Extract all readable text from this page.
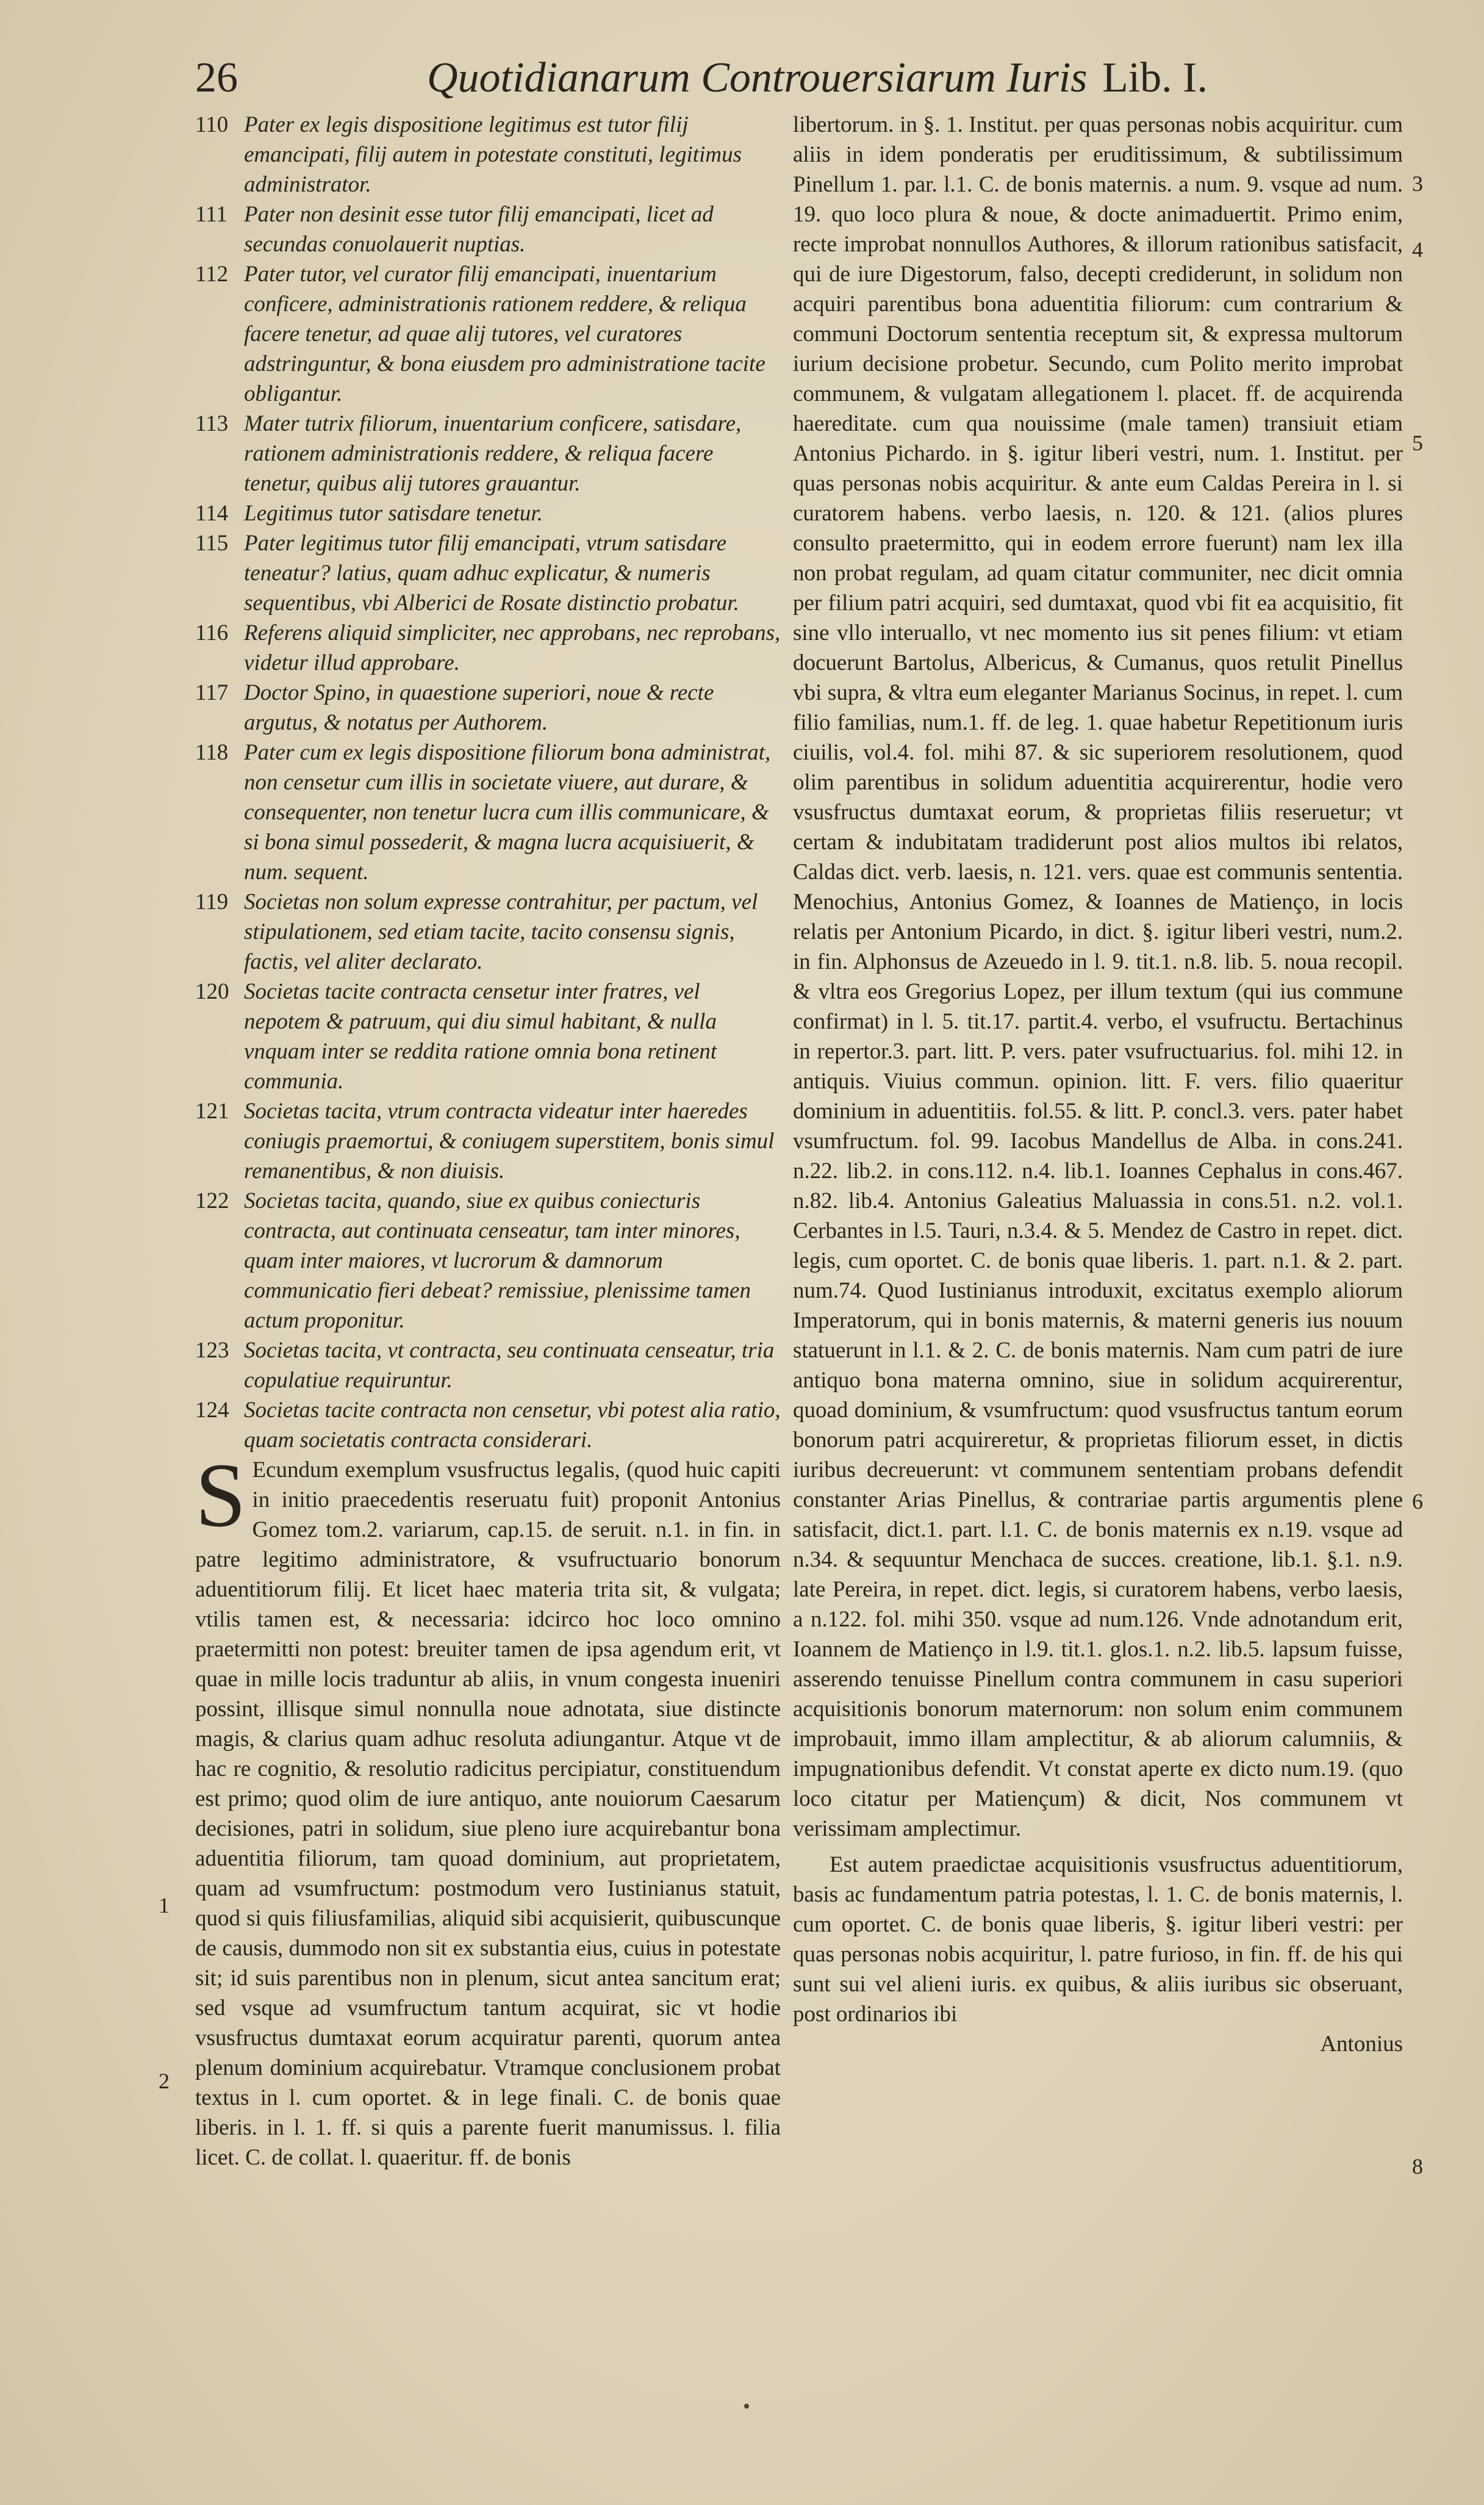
26	Quotidianarum Controuersiarum Iuris Lib. I.

110 Pater ex legis dispositione legitimus est tutor filij emancipati, filij autem in potestate constituti, legitimus administrator.

111 Pater non desinit esse tutor filij emancipati, licet ad secundas conuolauerit nuptias.

112 Pater tutor, vel curator filij emancipati, inuentarium conficere, administrationis rationem reddere, & reliqua facere tenetur, ad quae alij tutores, vel curatores adstringuntur, & bona eiusdem pro administratione tacite obligantur.

113 Mater tutrix filiorum, inuentarium conficere, satisdare, rationem administrationis reddere, & reliqua facere tenetur, quibus alij tutores grauantur.

114 Legitimus tutor satisdare tenetur.

115 Pater legitimus tutor filij emancipati, vtrum satisdare teneatur? latius, quam adhuc explicatur, & numeris sequentibus, vbi Alberici de Rosate distinctio probatur.

116 Referens aliquid simpliciter, nec approbans, nec reprobans, videtur illud approbare.

117 Doctor Spino, in quaestione superiori, noue & recte argutus, & notatus per Authorem.

118 Pater cum ex legis dispositione filiorum bona administrat, non censetur cum illis in societate viuere, aut durare, & consequenter, non tenetur lucra cum illis communicare, & si bona simul possederit, & magna lucra acquisiuerit, & num. sequent.

119 Societas non solum expresse contrahitur, per pactum, vel stipulationem, sed etiam tacite, tacito consensu signis, factis, vel aliter declarato.

120 Societas tacite contracta censetur inter fratres, vel nepotem & patruum, qui diu simul habitant, & nulla vnquam inter se reddita ratione omnia bona retinent communia.

121 Societas tacita, vtrum contracta videatur inter haeredes coniugis praemortui, & coniugem superstitem, bonis simul remanentibus, & non diuisis.

122 Societas tacita, quando, siue ex quibus coniecturis contracta, aut continuata censeatur, tam inter minores, quam inter maiores, vt lucrorum & damnorum communicatio fieri debeat? remissiue, plenissime tamen actum proponitur.

123 Societas tacita, vt contracta, seu continuata censeatur, tria copulatiue requiruntur.

124 Societas tacite contracta non censetur, vbi potest alia ratio, quam societatis contracta considerari.

S Ecundum exemplum vsusfructus legalis, (quod huic capiti in initio praecedentis reseruatu fuit) proponit Antonius Gomez tom.2. variarum, cap.15. de seruit. n.1. in fin. in patre legitimo administratore, & vsufructuario bonorum aduentitiorum filij. Et licet haec materia trita sit, & vulgata; vtilis tamen est, & necessaria: idcirco hoc loco omnino praetermitti non potest: breuiter tamen de ipsa agendum erit, vt quae in mille locis traduntur ab aliis, in vnum congesta inueniri possint, illisque simul nonnulla noue adnotata, siue distincte magis, & clarius quam adhuc resoluta adiungantur. Atque vt de hac re cognitio, & resolutio radicitus percipiatur, constituendum est primo; quod olim de iure antiquo, ante nouiorum Caesarum decisiones, patri in solidum, siue pleno iure acquirebantur bona aduentitia filiorum, tam quoad dominium, aut proprietatem, quam ad vsumfructum: postmodum vero Iustinianus statuit, quod si quis filiusfamilias, aliquid sibi acquisierit, quibuscunque de causis, dummodo non sit ex substantia eius, cuius in potestate sit; id suis parentibus non in plenum, sicut antea sancitum erat; sed vsque ad vsumfructum tantum acquirat, sic vt hodie vsusfructus dumtaxat eorum acquiratur parenti, quorum antea plenum dominium acquirebatur. Vtramque conclusionem probat textus in l. cum oportet. & in lege finali. C. de bonis quae liberis. in l. 1. ff. si quis a parente fuerit manumissus. l. filia licet. C. de collat. l. quaeritur. ff. de bonis

libertorum. in §. 1. Institut. per quas personas nobis acquiritur. cum aliis in idem ponderatis per eruditissimum, & subtilissimum Pinellum 1. par. l.1. C. de bonis maternis. a num. 9. vsque ad num. 19. quo loco plura & noue, & docte animaduertit. Primo enim, recte improbat nonnullos Authores, & illorum rationibus satisfacit, qui de iure Digestorum, falso, decepti crediderunt, in solidum non acquiri parentibus bona aduentitia filiorum: cum contrarium & communi Doctorum sententia receptum sit, & expressa multorum iurium decisione probetur. Secundo, cum Polito merito improbat communem, & vulgatam allegationem l. placet. ff. de acquirenda haereditate. cum qua nouissime (male tamen) transiuit etiam Antonius Pichardo. in §. igitur liberi vestri, num. 1. Institut. per quas personas nobis acquiritur. & ante eum Caldas Pereira in l. si curatorem habens. verbo laesis, n. 120. & 121. (alios plures consulto praetermitto, qui in eodem errore fuerunt) nam lex illa non probat regulam, ad quam citatur communiter, nec dicit omnia per filium patri acquiri, sed dumtaxat, quod vbi fit ea acquisitio, fit sine vllo interuallo, vt nec momento ius sit penes filium: vt etiam docuerunt Bartolus, Albericus, & Cumanus, quos retulit Pinellus vbi supra, & vltra eum eleganter Marianus Socinus, in repet. l. cum filio familias, num.1. ff. de leg. 1. quae habetur Repetitionum iuris ciuilis, vol.4. fol. mihi 87. & sic superiorem resolutionem, quod olim parentibus in solidum aduentitia acquirerentur, hodie vero vsusfructus dumtaxat eorum, & proprietas filiis reseruetur; vt certam & indubitatam tradiderunt post alios multos ibi relatos, Caldas dict. verb. laesis, n. 121. vers. quae est communis sententia. Menochius, Antonius Gomez, & Ioannes de Matienço, in locis relatis per Antonium Picardo, in dict. §. igitur liberi vestri, num.2. in fin. Alphonsus de Azeuedo in l. 9. tit.1. n.8. lib. 5. noua recopil. & vltra eos Gregorius Lopez, per illum textum (qui ius commune confirmat) in l. 5. tit.17. partit.4. verbo, el vsufructu. Bertachinus in repertor.3. part. litt. P. vers. pater vsufructuarius. fol. mihi 12. in antiquis. Viuius commun. opinion. litt. F. vers. filio quaeritur dominium in aduentitiis. fol.55. & litt. P. concl.3. vers. pater habet vsumfructum. fol. 99. Iacobus Mandellus de Alba. in cons.241. n.22. lib.2. in cons.112. n.4. lib.1. Ioannes Cephalus in cons.467. n.82. lib.4. Antonius Galeatius Maluassia in cons.51. n.2. vol.1. Cerbantes in l.5. Tauri, n.3.4. & 5. Mendez de Castro in repet. dict. legis, cum oportet. C. de bonis quae liberis. 1. part. n.1. & 2. part. num.74. Quod Iustinianus introduxit, excitatus exemplo aliorum Imperatorum, qui in bonis maternis, & materni generis ius nouum statuerunt in l.1. & 2. C. de bonis maternis. Nam cum patri de iure antiquo bona materna omnino, siue in solidum acquirerentur, quoad dominium, & vsumfructum: quod vsusfructus tantum eorum bonorum patri acquireretur, & proprietas filiorum esset, in dictis iuribus decreuerunt: vt communem sententiam probans defendit constanter Arias Pinellus, & contrariae partis argumentis plene satisfacit, dict.1. part. l.1. C. de bonis maternis ex n.19. vsque ad n.34. & sequuntur Menchaca de succes. creatione, lib.1. §.1. n.9. late Pereira, in repet. dict. legis, si curatorem habens, verbo laesis, a n.122. fol. mihi 350. vsque ad num.126. Vnde adnotandum erit, Ioannem de Matienço in l.9. tit.1. glos.1. n.2. lib.5. lapsum fuisse, asserendo tenuisse Pinellum contra communem in casu superiori acquisitionis bonorum maternorum: non solum enim communem improbauit, immo illam amplectitur, & ab aliorum calumniis, & impugnationibus defendit. Vt constat aperte ex dicto num.19. (quo loco citatur per Matiençum) & dicit, Nos communem vt verissimam amplectimur.

Est autem praedictae acquisitionis vsusfructus aduentitiorum, basis ac fundamentum patria potestas, l. 1. C. de bonis maternis, l. cum oportet. C. de bonis quae liberis, §. igitur liberi vestri: per quas personas nobis acquiritur, l. patre furioso, in fin. ff. de his qui sunt sui vel alieni iuris. ex quibus, & aliis iuribus sic obseruant, post ordinarios ibi

Antonius
1
2
3
4
5
6
8
